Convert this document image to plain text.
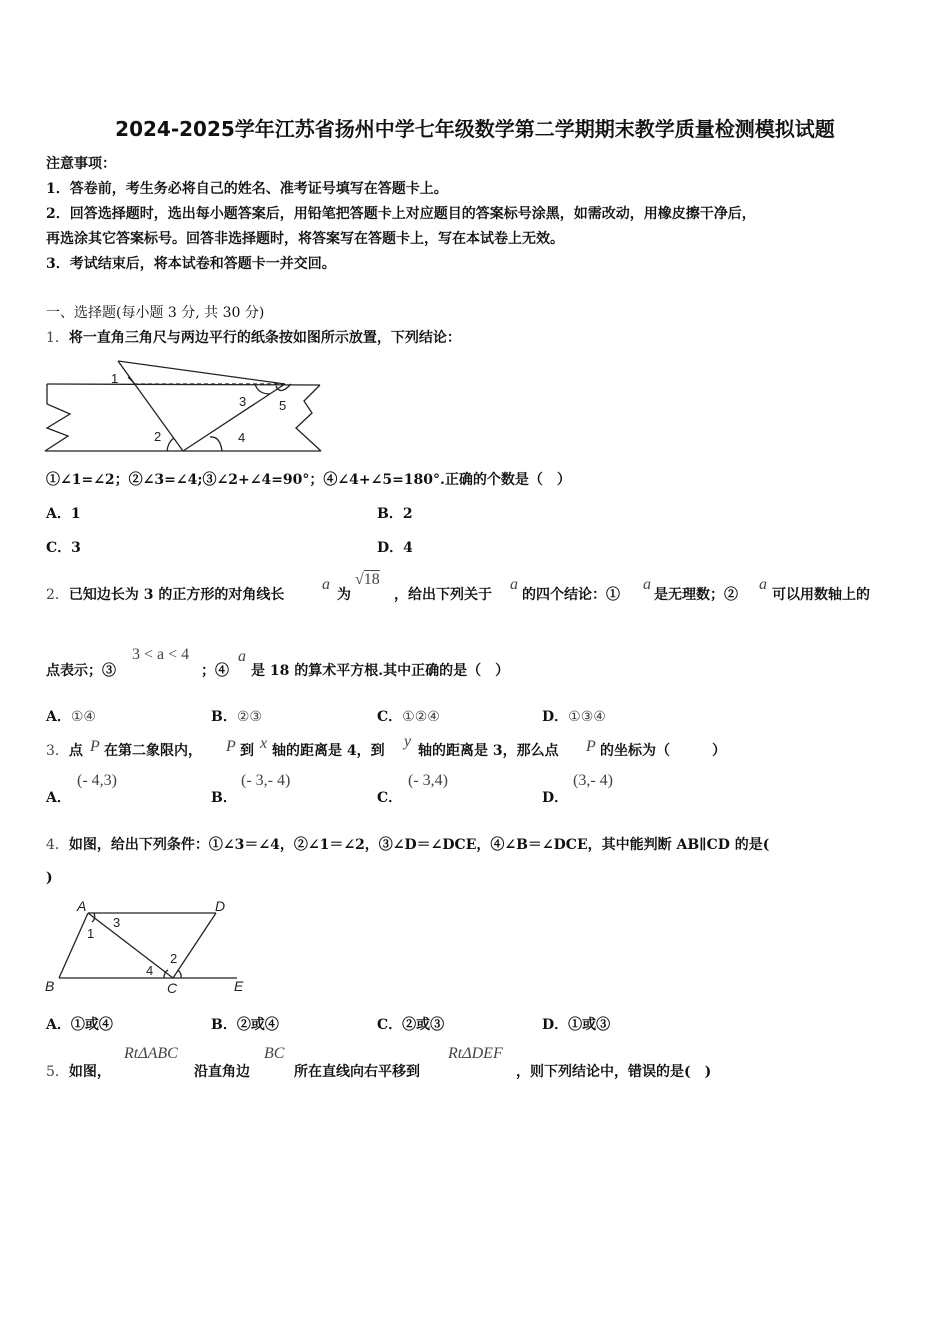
2024-2025学年江苏省扬州中学七年级数学第二学期期末教学质量检测模拟试题
注意事项：
1．答卷前，考生务必将自己的姓名、准考证号填写在答题卡上。
2．回答选择题时，选出每小题答案后，用铅笔把答题卡上对应题目的答案标号涂黑，如需改动，用橡皮擦干净后，
再选涂其它答案标号。回答非选择题时，将答案写在答题卡上，写在本试卷上无效。
3．考试结束后，将本试卷和答题卡一并交回。
一、选择题(每小题 3 分, 共 30 分)
1．将一直角三角尺与两边平行的纸条按如图所示放置，下列结论：
1
2
3
4
5
①∠1=∠2；②∠3=∠4;③∠2+∠4=90°；④∠4+∠5=180°.正确的个数是（　）
A．1	B．2
C．3	D．4
2．已知边长为 3 的正方形的对角线长
a
为
√18
，给出下列关于
a
的四个结论：①
a
是无理数；②
a
可以用数轴上的
点表示；③
3 < a < 4
；④
a
是 18 的算术平方根.其中正确的是（　）
A．①④	B．②③	C．①②④	D．①③④
3．点 P 在第二象限内， P 到 x 轴的距离是 4，到
y
轴的距离是 3，那么点 P 的坐标为（　　　）
A．
(- 4,3)
B．
(- 3,- 4)
C．
(- 3,4)
D．
(3,- 4)
4．如图，给出下列条件：①∠3＝∠4，②∠1＝∠2，③∠D＝∠DCE，④∠B＝∠DCE，其中能判断 AB∥CD 的是(
)
A	D
B	C	E
1
2
3
4
A．①或④	B．②或④	C．②或③	D．①或③
5．如图，
RtΔABC
沿直角边
BC
所在直线向右平移到
RtΔDEF
，则下列结论中，错误的是(　)
